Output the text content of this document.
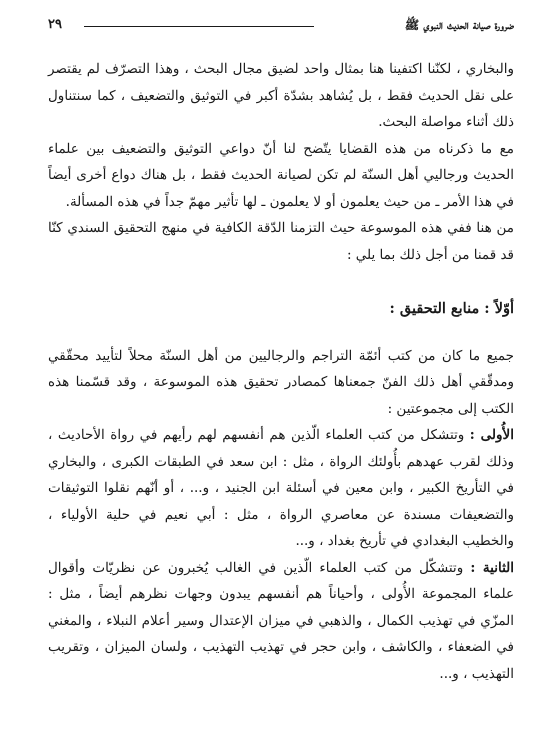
ضرورة صيانة الحديث النبوي ﷺ
٢٩

والبخاري ، لكنّنا اكتفينا هنا بمثال واحد لضيق مجال البحث ، وهذا التصرّف لم يقتصر على نقل الحديث فقط ، بل يُشاهد بشدّة أكبر في التوثيق والتضعيف ، كما سنتناول ذلك أثناء مواصلة البحث.

مع ما ذكرناه من هذه القضايا يتّضح لنا أنّ دواعي التوثيق والتضعيف بين علماء الحديث ورجاليي أهل السنّة لم تكن لصيانة الحديث فقط ، بل هناك دواع أخرى أيضاً في هذا الأمر ـ من حيث يعلمون أو لا يعلمون ـ لها تأثير مهمّ جداً في هذه المسألة.

من هنا ففي هذه الموسوعة حيث التزمنا الدّقة الكافية في منهج التحقيق السندي كنّا قد قمنا من أجل ذلك بما يلي :

أوّلاً : منابع التحقيق :

جميع ما كان من كتب أئمّة التراجم والرجاليين من أهل السنّة محلاً لتأييد محقّقي ومدقّقي أهل ذلك الفنّ جمعناها كمصادر تحقيق هذه الموسوعة ، وقد قسّمنا هذه الكتب إلى مجموعتين :

الأُولى : وتتشكل من كتب العلماء الّذين هم أنفسهم لهم رأيهم في رواة الأحاديث ، وذلك لقرب عهدهم بأُولئك الرواة ، مثل : ابن سعد في الطبقات الكبرى ، والبخاري في التأريخ الكبير ، وابن معين في أسئلة ابن الجنيد ، و... ، أو أنّهم نقلوا التوثيقات والتضعيفات مسندة عن معاصري الرواة ، مثل : أبي نعيم في حلية الأولياء ، والخطيب البغدادي في تأريخ بغداد ، و...

الثانية : وتتشكّل من كتب العلماء الّذين في الغالب يُخبرون عن نظريّات وأقوال علماء المجموعة الأُولى ، وأحياناً هم أنفسهم يبدون وجهات نظرهم أيضاً ، مثل : المزّي في تهذيب الكمال ، والذهبي في ميزان الإعتدال وسير أعلام النبلاء ، والمغني في الضعفاء ، والكاشف ، وابن حجر في تهذيب التهذيب ، ولسان الميزان ، وتقريب التهذيب ، و...
